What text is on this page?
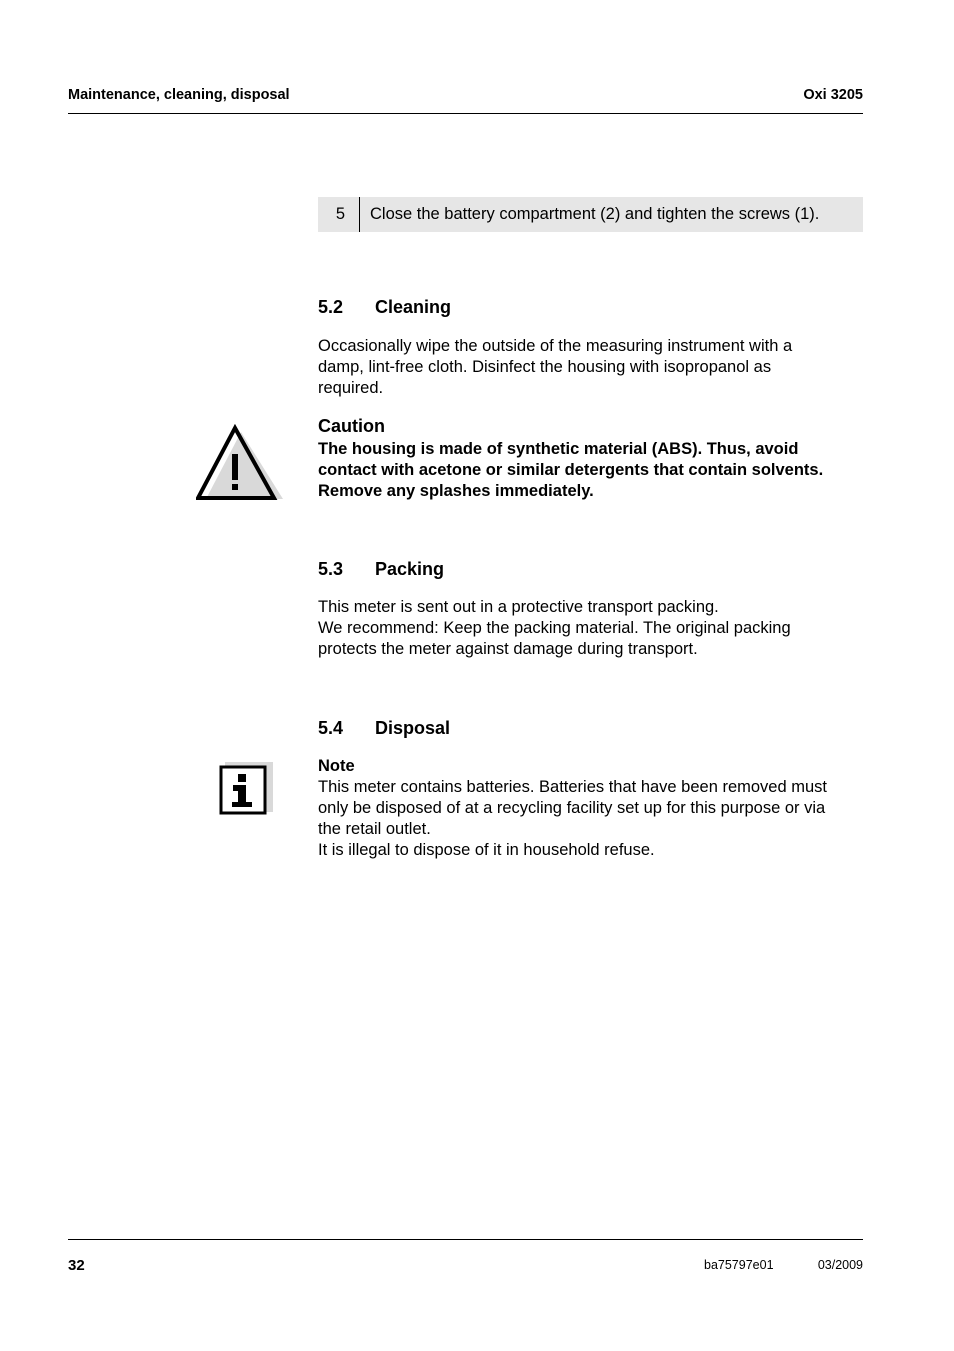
Maintenance, cleaning, disposal	Oxi 3205
5	Close the battery compartment (2) and tighten the screws (1).
5.2 Cleaning

Occasionally wipe the outside of the measuring instrument with a

damp, lint-free cloth. Disinfect the housing with isopropanol as

required.

Caution
The housing is made of synthetic material (ABS). Thus, avoid
contact with acetone or similar detergents that contain solvents.
Remove any splashes immediately.
5.3 Packing

This meter is sent out in a protective transport packing.

We recommend: Keep the packing material. The original packing

protects the meter against damage during transport.

5.4 Disposal
Note

This meter contains batteries. Batteries that have been removed must

only be disposed of at a recycling facility set up for this purpose or via

the retail outlet.

It is illegal to dispose of it in household refuse.

32	ba75797e01	03/2009
